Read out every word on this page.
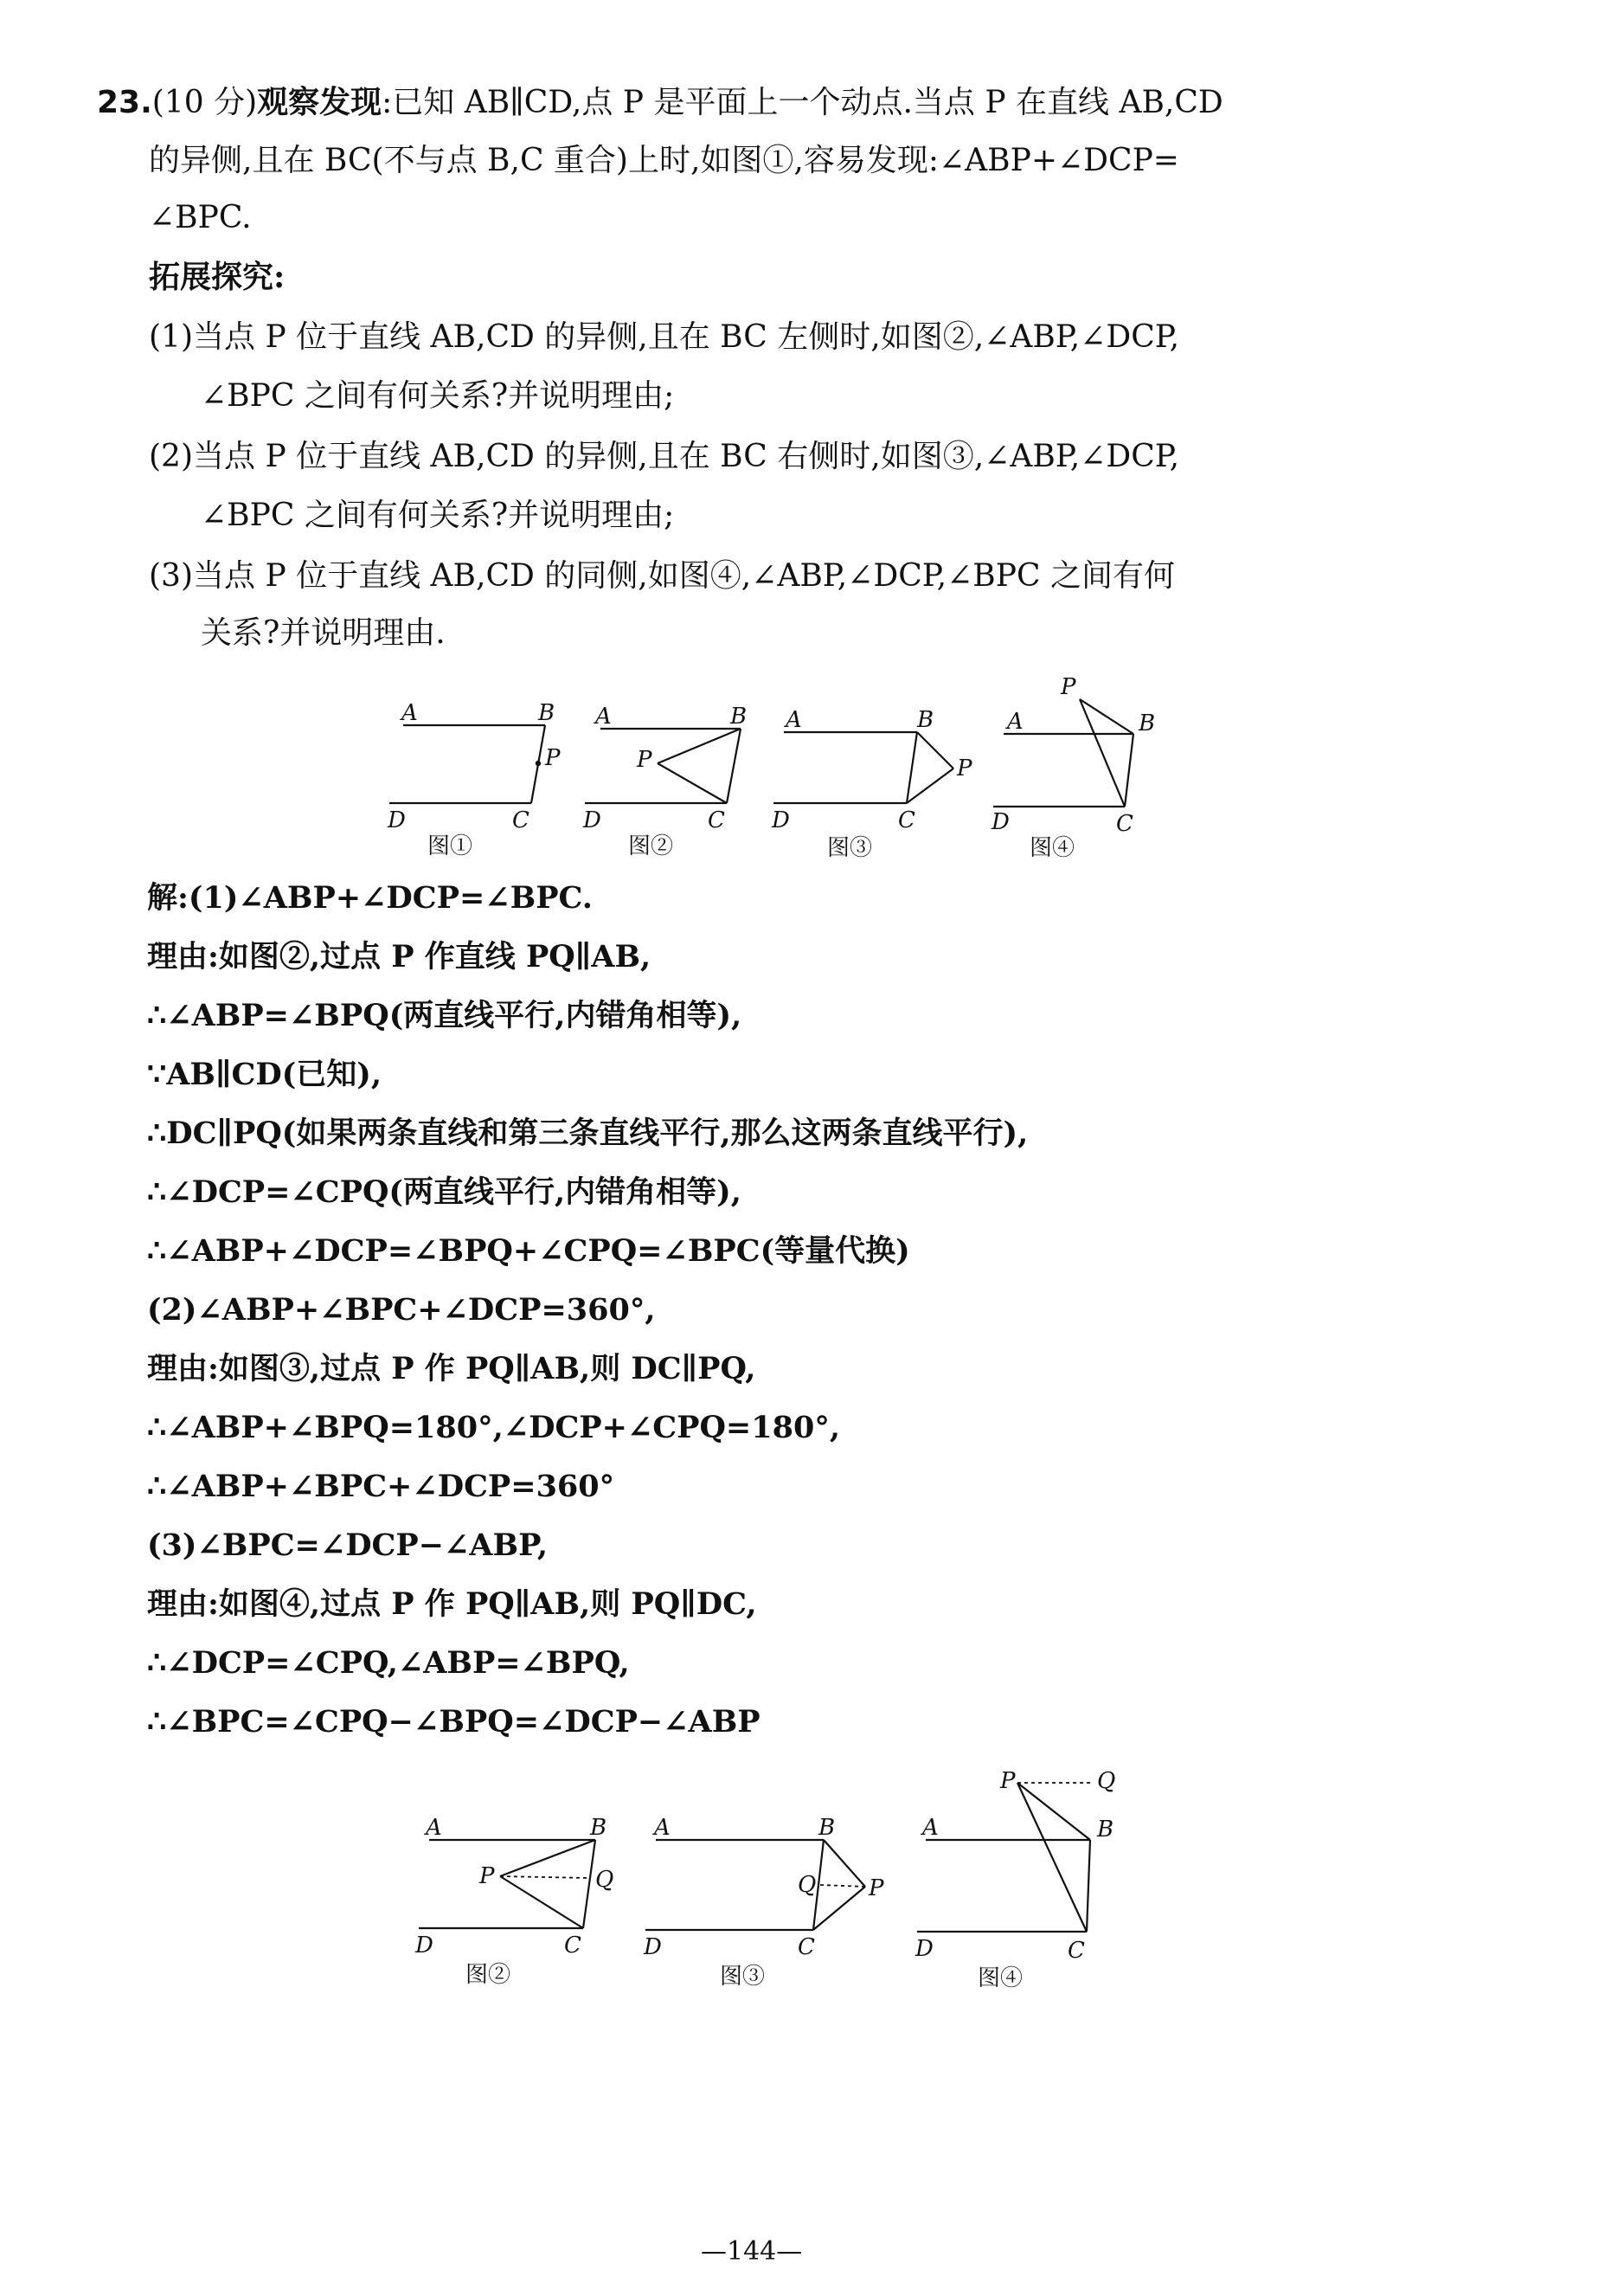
23.(10 分)观察发现:已知 AB∥CD,点 P 是平面上一个动点.当点 P 在直线 AB,CD
的异侧,且在 BC(不与点 B,C 重合)上时,如图①,容易发现:∠ABP+∠DCP=
∠BPC.
拓展探究:
(1)当点 P 位于直线 AB,CD 的异侧,且在 BC 左侧时,如图②,∠ABP,∠DCP,
∠BPC 之间有何关系?并说明理由;
(2)当点 P 位于直线 AB,CD 的异侧,且在 BC 右侧时,如图③,∠ABP,∠DCP,
∠BPC 之间有何关系?并说明理由;
(3)当点 P 位于直线 AB,CD 的同侧,如图④,∠ABP,∠DCP,∠BPC 之间有何
关系?并说明理由.
A	B
P
D	C
A	B
P
D	C
A	B
P
D	C
A	B
P
D	C
图①	图②	图③	图④
解:(1)∠ABP+∠DCP=∠BPC.
理由:如图②,过点 P 作直线 PQ∥AB,
∴∠ABP=∠BPQ(两直线平行,内错角相等),
∵AB∥CD(已知),
∴DC∥PQ(如果两条直线和第三条直线平行,那么这两条直线平行),
∴∠DCP=∠CPQ(两直线平行,内错角相等),
∴∠ABP+∠DCP=∠BPQ+∠CPQ=∠BPC(等量代换)
(2)∠ABP+∠BPC+∠DCP=360°,
理由:如图③,过点 P 作 PQ∥AB,则 DC∥PQ,
∴∠ABP+∠BPQ=180°,∠DCP+∠CPQ=180°,
∴∠ABP+∠BPC+∠DCP=360°
(3)∠BPC=∠DCP−∠ABP,
理由:如图④,过点 P 作 PQ∥AB,则 PQ∥DC,
∴∠DCP=∠CPQ,∠ABP=∠BPQ,
∴∠BPC=∠CPQ−∠BPQ=∠DCP−∠ABP
A	B
P	Q
D	C
A	B
Q P
D	C
A	B
P	Q
D	C
图②	图③	图④
—144—
